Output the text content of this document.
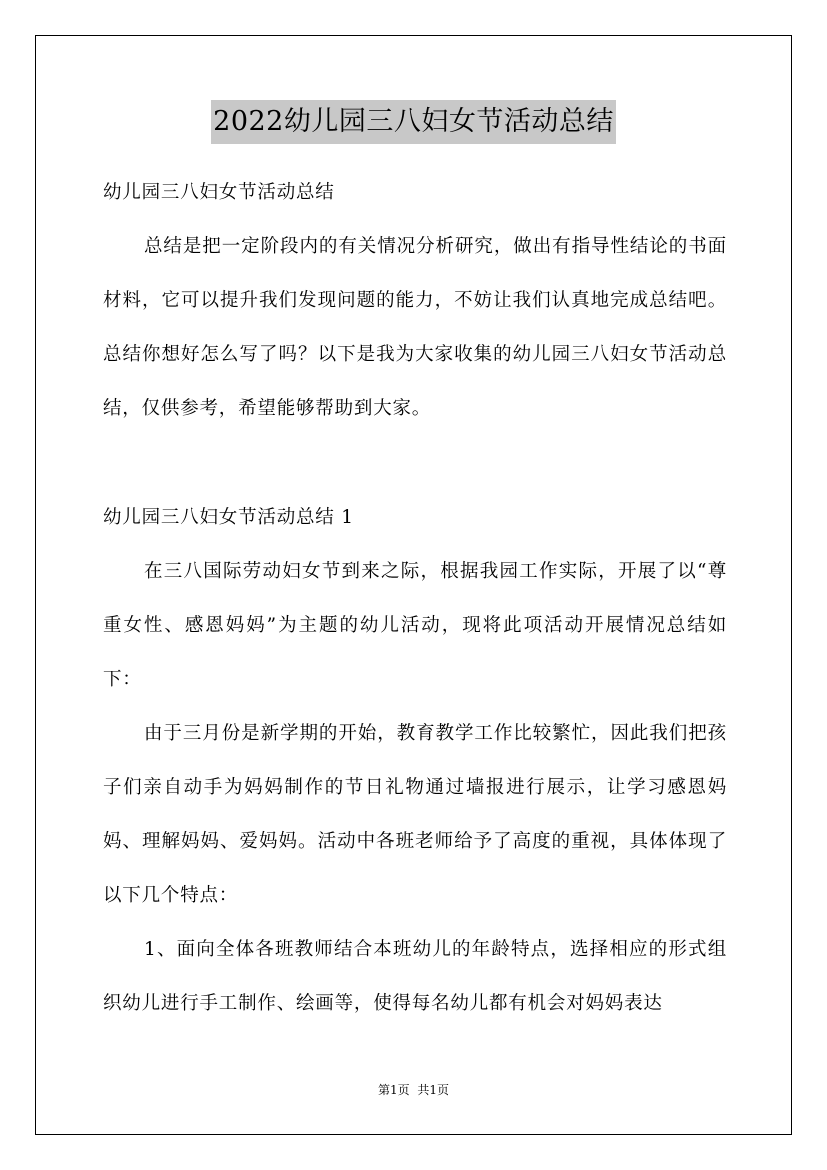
2022幼儿园三八妇女节活动总结

幼儿园三八妇女节活动总结

总结是把一定阶段内的有关情况分析研究，做出有指导性结论的书面材料，它可以提升我们发现问题的能力，不妨让我们认真地完成总结吧。总结你想好怎么写了吗？以下是我为大家收集的幼儿园三八妇女节活动总结，仅供参考，希望能够帮助到大家。

幼儿园三八妇女节活动总结 1

在三八国际劳动妇女节到来之际，根据我园工作实际，开展了以“尊重女性、感恩妈妈”为主题的幼儿活动，现将此项活动开展情况总结如下：

由于三月份是新学期的开始，教育教学工作比较繁忙，因此我们把孩子们亲自动手为妈妈制作的节日礼物通过墙报进行展示，让学习感恩妈妈、理解妈妈、爱妈妈。活动中各班老师给予了高度的重视，具体体现了以下几个特点：

1、面向全体各班教师结合本班幼儿的年龄特点，选择相应的形式组织幼儿进行手工制作、绘画等，使得每名幼儿都有机会对妈妈表达

第1页 共1页
